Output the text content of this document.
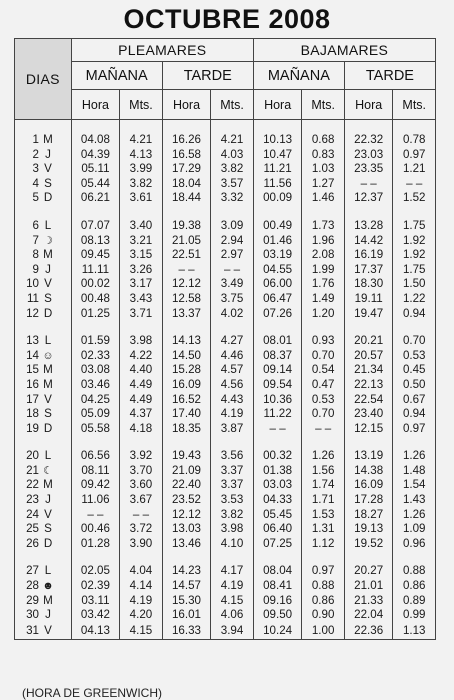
OCTUBRE 2008
DIAS	PLEAMARES				BAJAMARES			
	MAÑANA		TARDE		MAÑANA		TARDE	
	Hora	Mts.	Hora	Mts.	Hora	Mts.	Hora	Mts.

1 M	04.08	4.21	16.26	4.21	10.13	0.68	22.32	0.78
2 J	04.39	4.13	16.58	4.03	10.47	0.83	23.03	0.97
3 V	05.11	3.99	17.29	3.82	11.21	1.03	23.35	1.21
4 S	05.44	3.82	18.04	3.57	11.56	1.27	– –	– –
5 D	06.21	3.61	18.44	3.32	00.09	1.46	12.37	1.52

6 L	07.07	3.40	19.38	3.09	00.49	1.73	13.28	1.75
7 ☽	08.13	3.21	21.05	2.94	01.46	1.96	14.42	1.92
8 M	09.45	3.15	22.51	2.97	03.19	2.08	16.19	1.92
9 J	11.11	3.26	– –	– –	04.55	1.99	17.37	1.75
10 V	00.02	3.17	12.12	3.49	06.00	1.76	18.30	1.50
11 S	00.48	3.43	12.58	3.75	06.47	1.49	19.11	1.22
12 D	01.25	3.71	13.37	4.02	07.26	1.20	19.47	0.94

13 L	01.59	3.98	14.13	4.27	08.01	0.93	20.21	0.70
14 ☺	02.33	4.22	14.50	4.46	08.37	0.70	20.57	0.53
15 M	03.08	4.40	15.28	4.57	09.14	0.54	21.34	0.45
16 M	03.46	4.49	16.09	4.56	09.54	0.47	22.13	0.50
17 V	04.25	4.49	16.52	4.43	10.36	0.53	22.54	0.67
18 S	05.09	4.37	17.40	4.19	11.22	0.70	23.40	0.94
19 D	05.58	4.18	18.35	3.87	– –	– –	12.15	0.97

20 L	06.56	3.92	19.43	3.56	00.32	1.26	13.19	1.26
21 ☾	08.11	3.70	21.09	3.37	01.38	1.56	14.38	1.48
22 M	09.42	3.60	22.40	3.37	03.03	1.74	16.09	1.54
23 J	11.06	3.67	23.52	3.53	04.33	1.71	17.28	1.43
24 V	– –	– –	12.12	3.82	05.45	1.53	18.27	1.26
25 S	00.46	3.72	13.03	3.98	06.40	1.31	19.13	1.09
26 D	01.28	3.90	13.46	4.10	07.25	1.12	19.52	0.96

27 L	02.05	4.04	14.23	4.17	08.04	0.97	20.27	0.88
28 ☻	02.39	4.14	14.57	4.19	08.41	0.88	21.01	0.86
29 M	03.11	4.19	15.30	4.15	09.16	0.86	21.33	0.89
30 J	03.42	4.20	16.01	4.06	09.50	0.90	22.04	0.99
31 V	04.13	4.15	16.33	3.94	10.24	1.00	22.36	1.13
(HORA DE GREENWICH)
